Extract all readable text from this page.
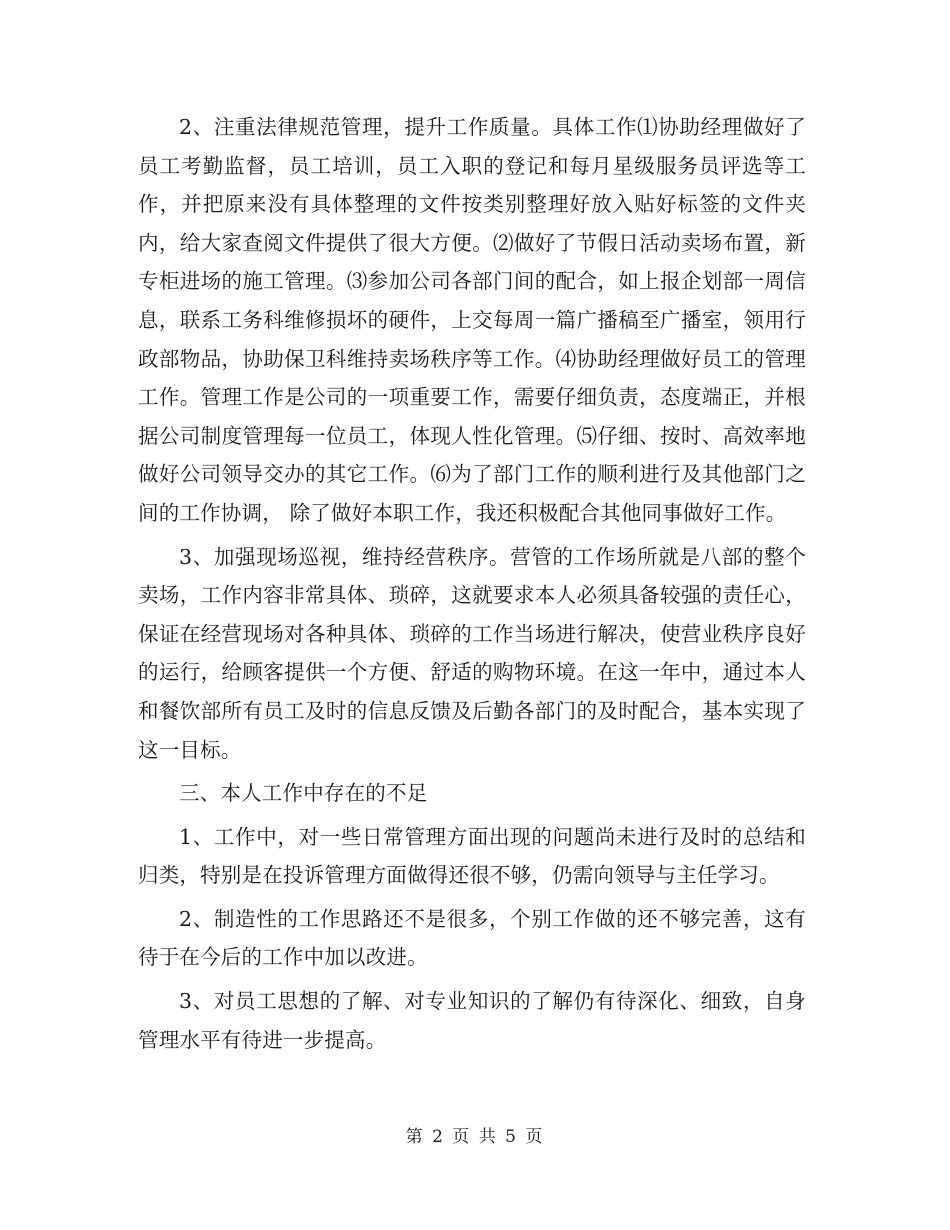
2、注重法律规范管理，提升工作质量。具体工作⑴协助经理做好了员工考勤监督，员工培训，员工入职的登记和每月星级服务员评选等工作，并把原来没有具体整理的文件按类别整理好放入贴好标签的文件夹内，给大家查阅文件提供了很大方便。⑵做好了节假日活动卖场布置，新专柜进场的施工管理。⑶参加公司各部门间的配合，如上报企划部一周信息，联系工务科维修损坏的硬件，上交每周一篇广播稿至广播室，领用行政部物品，协助保卫科维持卖场秩序等工作。⑷协助经理做好员工的管理工作。管理工作是公司的一项重要工作，需要仔细负责，态度端正，并根据公司制度管理每一位员工，体现人性化管理。⑸仔细、按时、高效率地做好公司领导交办的其它工作。⑹为了部门工作的顺利进行及其他部门之间的工作协调， 除了做好本职工作，我还积极配合其他同事做好工作。

3、加强现场巡视，维持经营秩序。营管的工作场所就是八部的整个卖场，工作内容非常具体、琐碎，这就要求本人必须具备较强的责任心，保证在经营现场对各种具体、琐碎的工作当场进行解决，使营业秩序良好的运行，给顾客提供一个方便、舒适的购物环境。在这一年中，通过本人和餐饮部所有员工及时的信息反馈及后勤各部门的及时配合，基本实现了这一目标。

三、本人工作中存在的不足

1、工作中，对一些日常管理方面出现的问题尚未进行及时的总结和归类，特别是在投诉管理方面做得还很不够，仍需向领导与主任学习。

2、制造性的工作思路还不是很多，个别工作做的还不够完善，这有待于在今后的工作中加以改进。

3、对员工思想的了解、对专业知识的了解仍有待深化、细致，自身管理水平有待进一步提高。

第 2 页 共 5 页
